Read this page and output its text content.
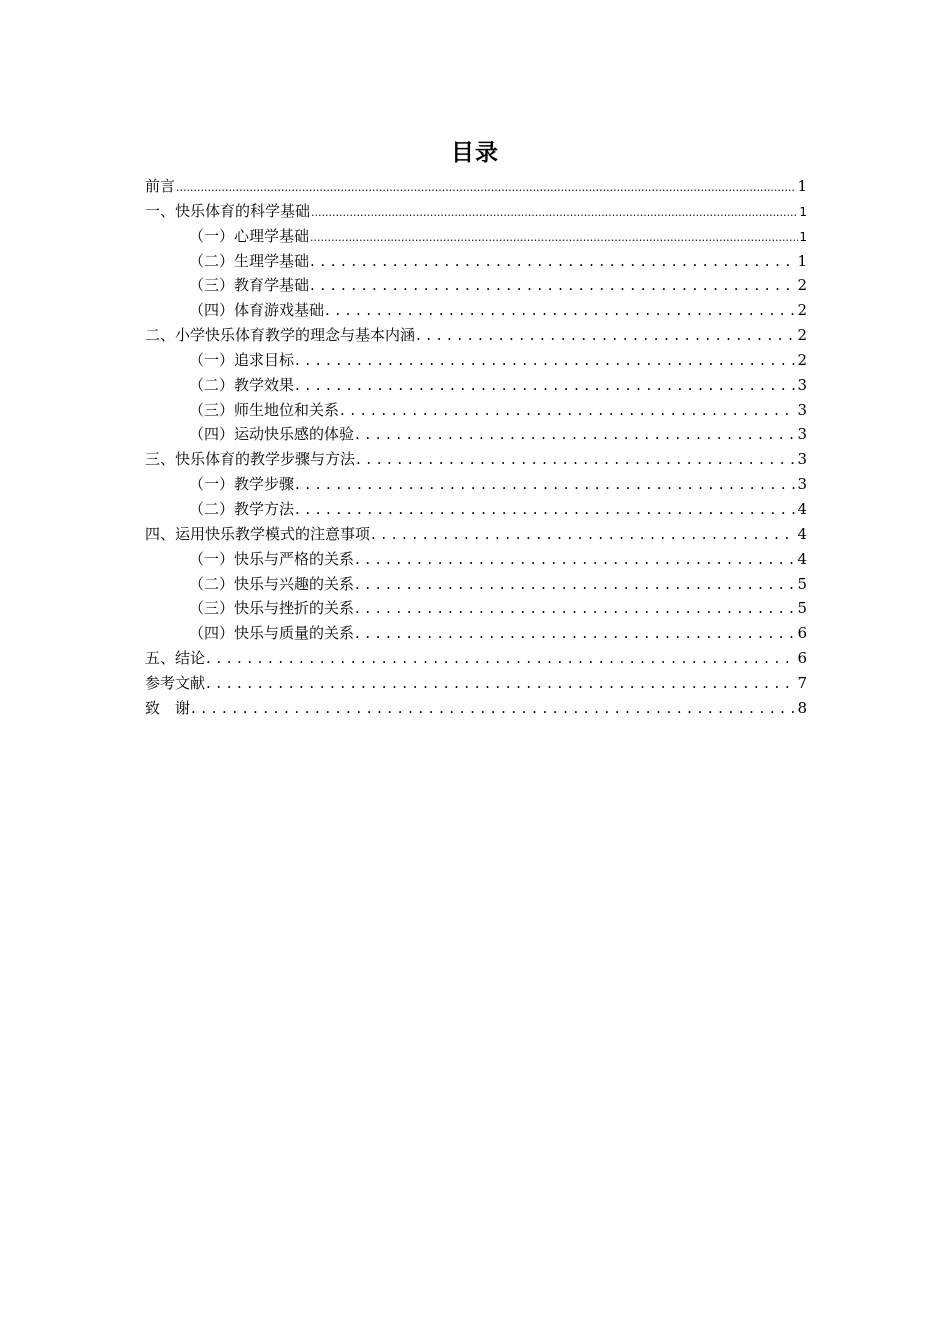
目录
前言 .....	1
一、快乐体育的科学基础 .....	1
（一）心理学基础 .....	1
（二）生理学基础 . . .	1
（三）教育学基础 . . .	2
（四）体育游戏基础 . . .	2
二、小学快乐体育教学的理念与基本内涵 . . .	2
（一）追求目标 . . .	2
（二）教学效果 . . .	3
（三）师生地位和关系 . . .	3
（四）运动快乐感的体验 . . .	3
三、快乐体育的教学步骤与方法 . . .	3
（一）教学步骤 . . .	3
（二）教学方法 . . .	4
四、运用快乐教学模式的注意事项 . . .	4
（一）快乐与严格的关系 . . .	4
（二）快乐与兴趣的关系 . . .	5
（三）快乐与挫折的关系 . . .	5
（四）快乐与质量的关系 . . .	6
五、结论 . . .	6
参考文献 . . .	7
致　谢 . . .	8
